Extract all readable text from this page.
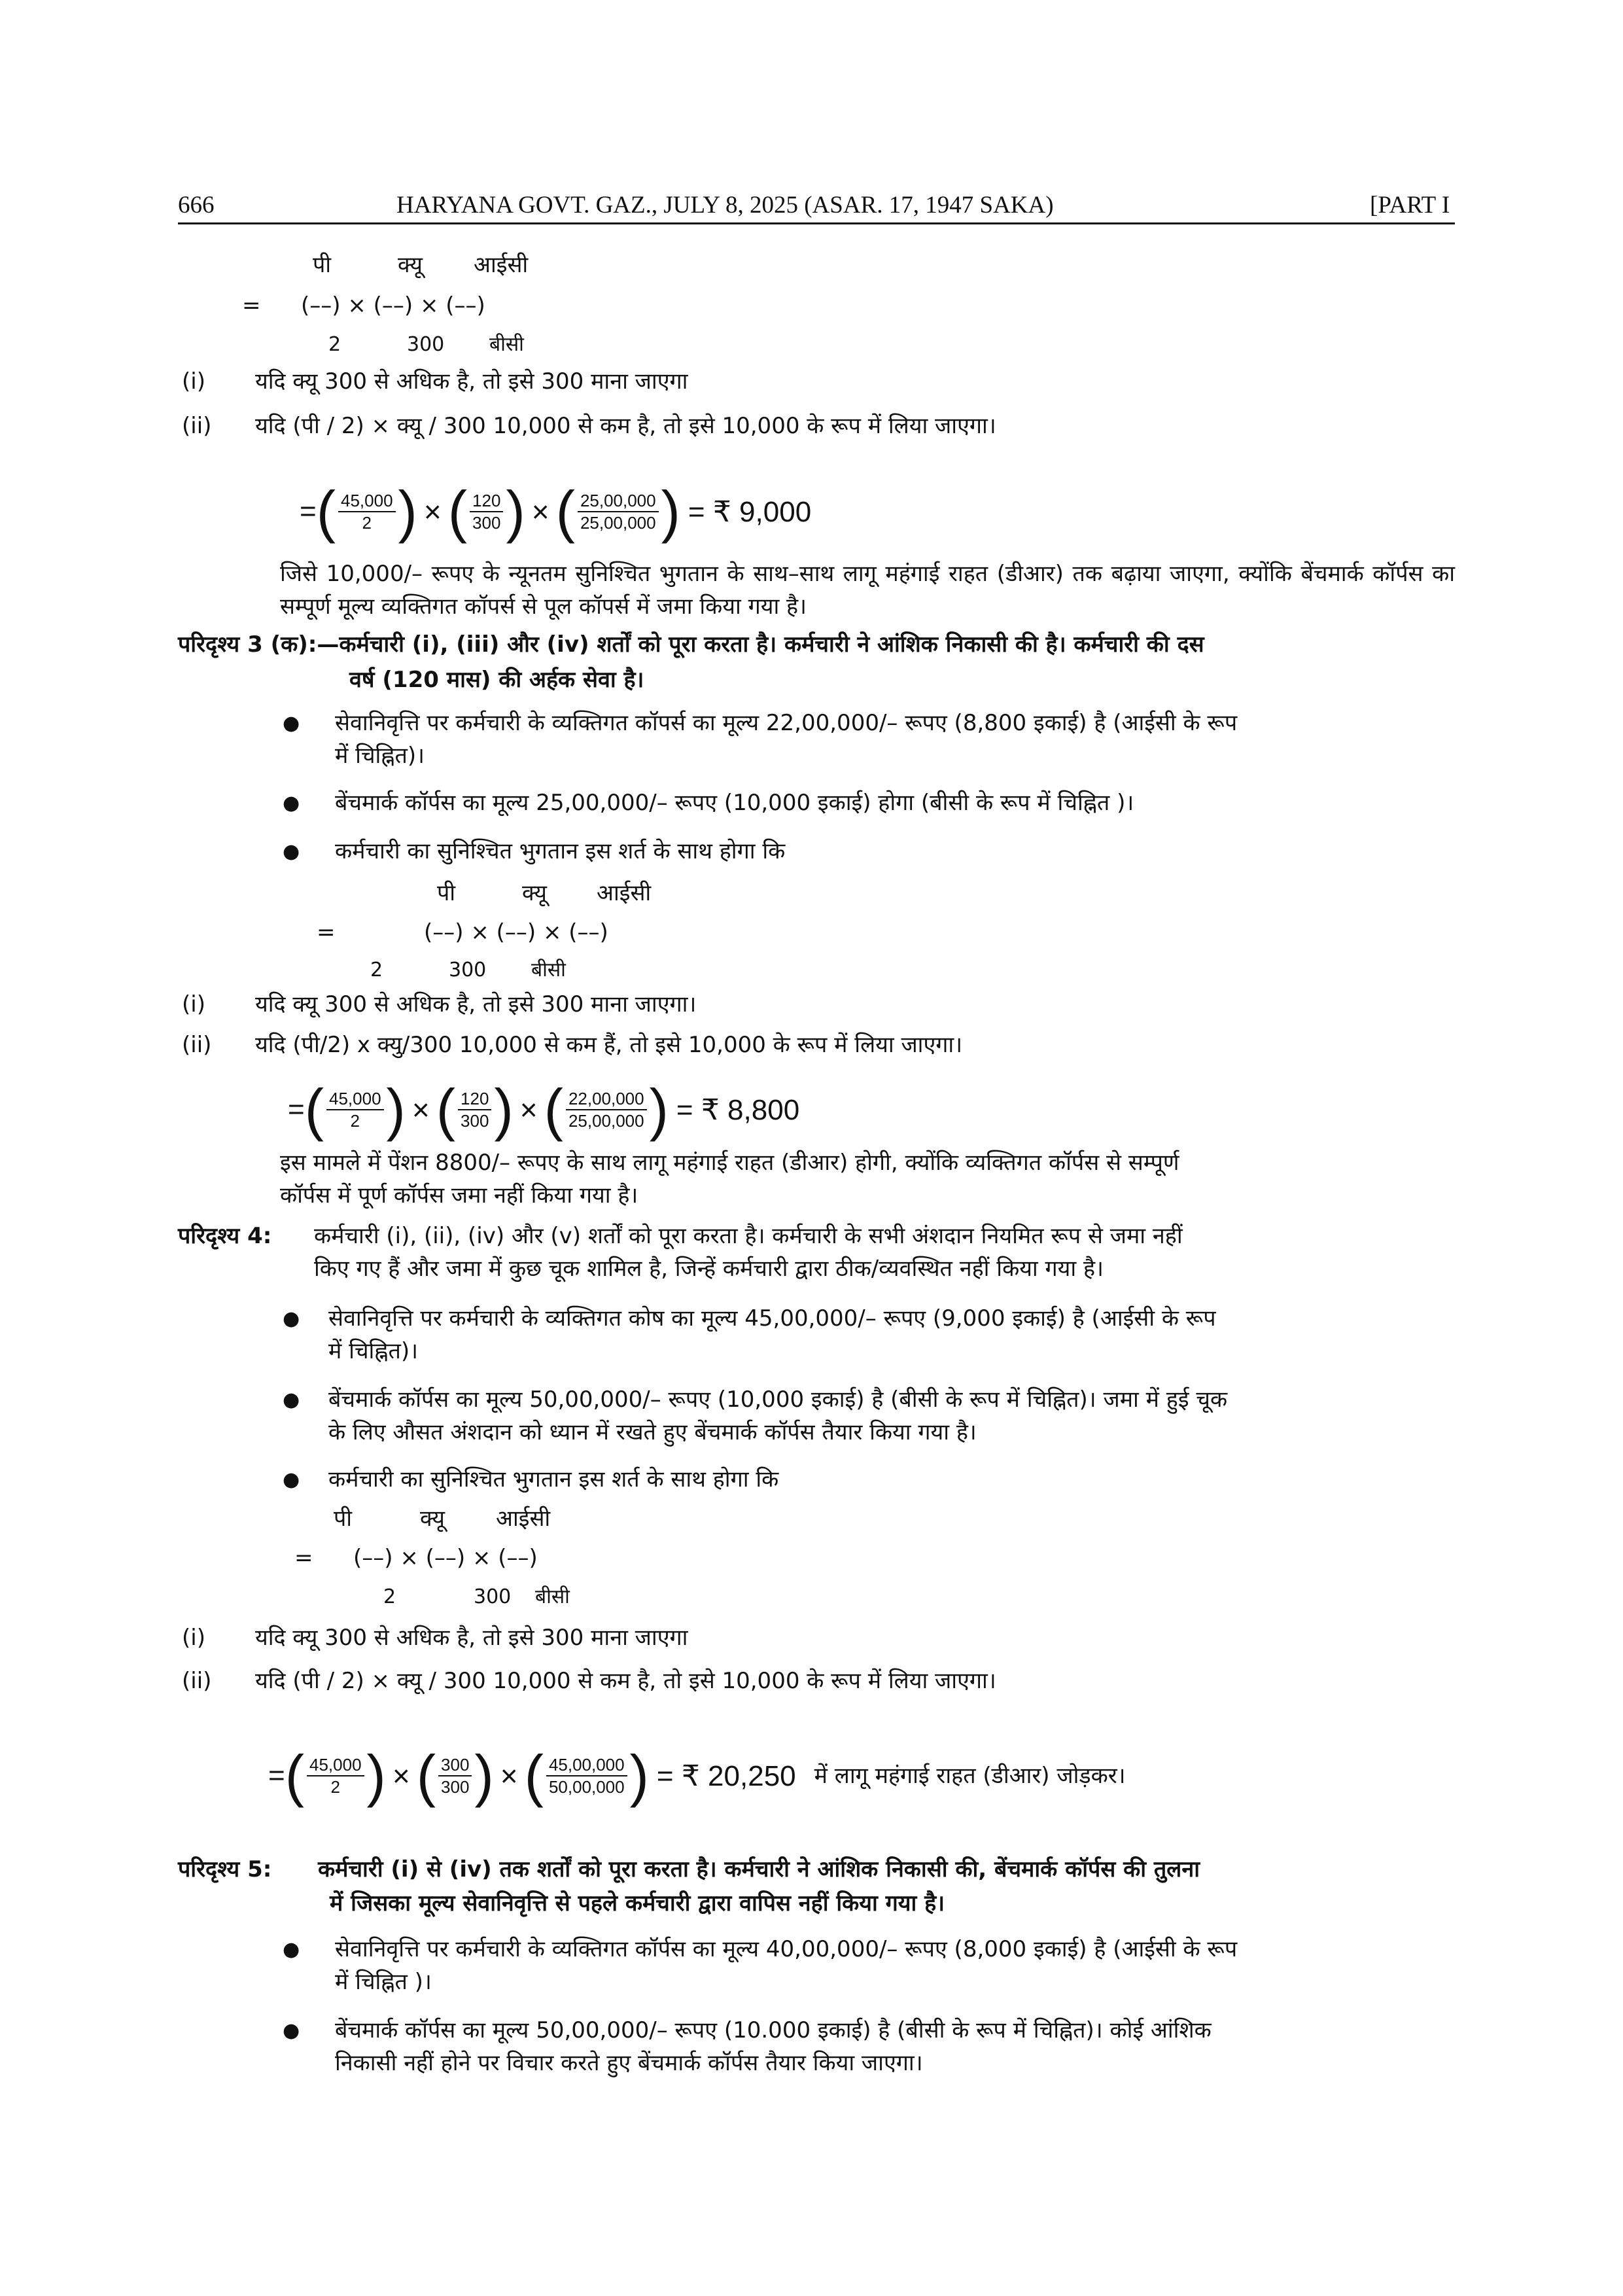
666	HARYANA GOVT. GAZ., JULY 8, 2025 (ASAR. 17, 1947 SAKA)	[PART I
पी	क्यू आईसी
= (––) × (––) × (––)
2	300 बीसी
(i) यदि क्यू 300 से अधिक है, तो इसे 300 माना जाएगा
(ii) यदि (पी / 2) × क्यू / 300 10,000 से कम है, तो इसे 10,000 के रूप में लिया जाएगा।
= ( $\frac{45,000}{2}$ ) × ( $\frac{120}{300}$ ) × ( $\frac{25,00,000}{25,00,000}$ ) = ₹ 9,000
जिसे 10,000/– रूपए के न्यूनतम सुनिश्चित भुगतान के साथ–साथ लागू महंगाई राहत (डीआर) तक बढ़ाया जाएगा, क्योंकि बेंचमार्क कॉर्पस का सम्पूर्ण मूल्य व्यक्तिगत कॉपर्स से पूल कॉपर्स में जमा किया गया है।
परिदृश्य 3 (क):—कर्मचारी (i), (iii) और (iv) शर्तों को पूरा करता है। कर्मचारी ने आंशिक निकासी की है। कर्मचारी की दस
वर्ष (120 मास) की अर्हक सेवा है।
● सेवानिवृत्ति पर कर्मचारी के व्यक्तिगत कॉपर्स का मूल्य 22,00,000/– रूपए (8,800 इकाई) है (आईसी के रूप
में चिह्नित)।
● बेंचमार्क कॉर्पस का मूल्य 25,00,000/– रूपए (10,000 इकाई) होगा (बीसी के रूप में चिह्नित )।
● कर्मचारी का सुनिश्चित भुगतान इस शर्त के साथ होगा कि
पी	क्यू आईसी
=	(––) × (––) × (––)
2	300 बीसी
(i) यदि क्यू 300 से अधिक है, तो इसे 300 माना जाएगा।
(ii) यदि (पी/2) x क्यु/300 10,000 से कम हैं, तो इसे 10,000 के रूप में लिया जाएगा।
= ( $\frac{45,000}{2}$ ) × ( $\frac{120}{300}$ ) × ( $\frac{22,00,000}{25,00,000}$ ) = ₹ 8,800
इस मामले में पेंशन 8800/– रूपए के साथ लागू महंगाई राहत (डीआर) होगी, क्योंकि व्यक्तिगत कॉर्पस से सम्पूर्ण
कॉर्पस में पूर्ण कॉर्पस जमा नहीं किया गया है।
परिदृश्य 4: कर्मचारी (i), (ii), (iv) और (v) शर्तों को पूरा करता है। कर्मचारी के सभी अंशदान नियमित रूप से जमा नहीं
किए गए हैं और जमा में कुछ चूक शामिल है, जिन्हें कर्मचारी द्वारा ठीक/व्यवस्थित नहीं किया गया है।
● सेवानिवृत्ति पर कर्मचारी के व्यक्तिगत कोष का मूल्य 45,00,000/– रूपए (9,000 इकाई) है (आईसी के रूप
में चिह्नित)।
● बेंचमार्क कॉर्पस का मूल्य 50,00,000/– रूपए (10,000 इकाई) है (बीसी के रूप में चिह्नित)। जमा में हुई चूक
के लिए औसत अंशदान को ध्यान में रखते हुए बेंचमार्क कॉर्पस तैयार किया गया है।
● कर्मचारी का सुनिश्चित भुगतान इस शर्त के साथ होगा कि
पी	क्यू आईसी
= (––) × (––) × (––)
2	300 बीसी
(i) यदि क्यू 300 से अधिक है, तो इसे 300 माना जाएगा
(ii) यदि (पी / 2) × क्यू / 300 10,000 से कम है, तो इसे 10,000 के रूप में लिया जाएगा।
= ( $\frac{45,000}{2}$ ) × ( $\frac{300}{300}$ ) × ( $\frac{45,00,000}{50,00,000}$ ) = ₹ 20,250 में लागू महंगाई राहत (डीआर) जोड़कर।
परिदृश्य 5: कर्मचारी (i) से (iv) तक शर्तों को पूरा करता है। कर्मचारी ने आंशिक निकासी की, बेंचमार्क कॉर्पस की तुलना
में जिसका मूल्य सेवानिवृत्ति से पहले कर्मचारी द्वारा वापिस नहीं किया गया है।
● सेवानिवृत्ति पर कर्मचारी के व्यक्तिगत कॉर्पस का मूल्य 40,00,000/– रूपए (8,000 इकाई) है (आईसी के रूप
में चिह्नित )।
● बेंचमार्क कॉर्पस का मूल्य 50,00,000/– रूपए (10.000 इकाई) है (बीसी के रूप में चिह्नित)। कोई आंशिक
निकासी नहीं होने पर विचार करते हुए बेंचमार्क कॉर्पस तैयार किया जाएगा।
